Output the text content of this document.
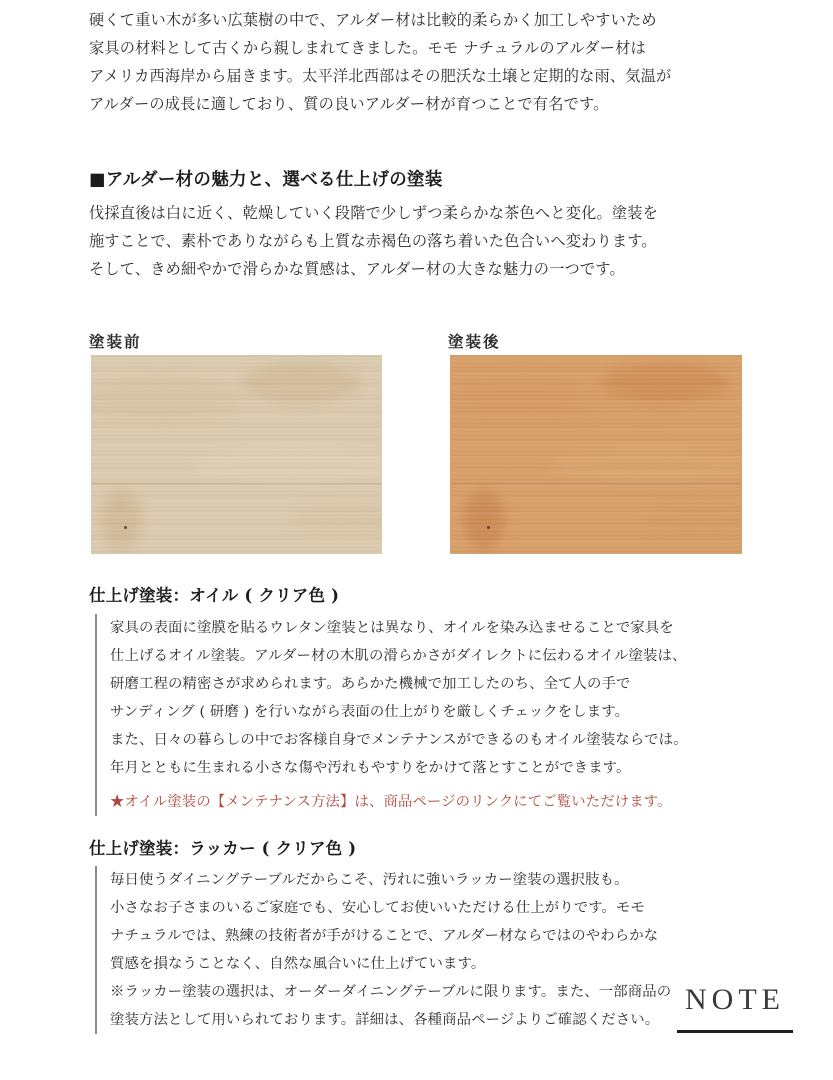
硬くて重い木が多い広葉樹の中で、アルダー材は比較的柔らかく加工しやすいため
家具の材料として古くから親しまれてきました。モモ ナチュラルのアルダー材は
アメリカ西海岸から届きます。太平洋北西部はその肥沃な土壌と定期的な雨、気温が
アルダーの成長に適しており、質の良いアルダー材が育つことで有名です。
■アルダー材の魅力と、選べる仕上げの塗装
伐採直後は白に近く、乾燥していく段階で少しずつ柔らかな茶色へと変化。塗装を
施すことで、素朴でありながらも上質な赤褐色の落ち着いた色合いへ変わります。
そして、きめ細やかで滑らかな質感は、アルダー材の大きな魅力の一つです。
塗装前	塗装後
仕上げ塗装：オイル ( クリア色 )
家具の表面に塗膜を貼るウレタン塗装とは異なり、オイルを染み込ませることで家具を
仕上げるオイル塗装。アルダー材の木肌の滑らかさがダイレクトに伝わるオイル塗装は、
研磨工程の精密さが求められます。あらかた機械で加工したのち、全て人の手で
サンディング ( 研磨 ) を行いながら表面の仕上がりを厳しくチェックをします。
また、日々の暮らしの中でお客様自身でメンテナンスができるのもオイル塗装ならでは。
年月とともに生まれる小さな傷や汚れもやすりをかけて落とすことができます。
★オイル塗装の【メンテナンス方法】は、商品ページのリンクにてご覧いただけます。
仕上げ塗装：ラッカー ( クリア色 )
毎日使うダイニングテーブルだからこそ、汚れに強いラッカー塗装の選択肢も。
小さなお子さまのいるご家庭でも、安心してお使いいただける仕上がりです。モモ
ナチュラルでは、熟練の技術者が手がけることで、アルダー材ならではのやわらかな
質感を損なうことなく、自然な風合いに仕上げています。
※ラッカー塗装の選択は、オーダーダイニングテーブルに限ります。また、一部商品の
塗装方法として用いられております。詳細は、各種商品ページよりご確認ください。
NOTE
